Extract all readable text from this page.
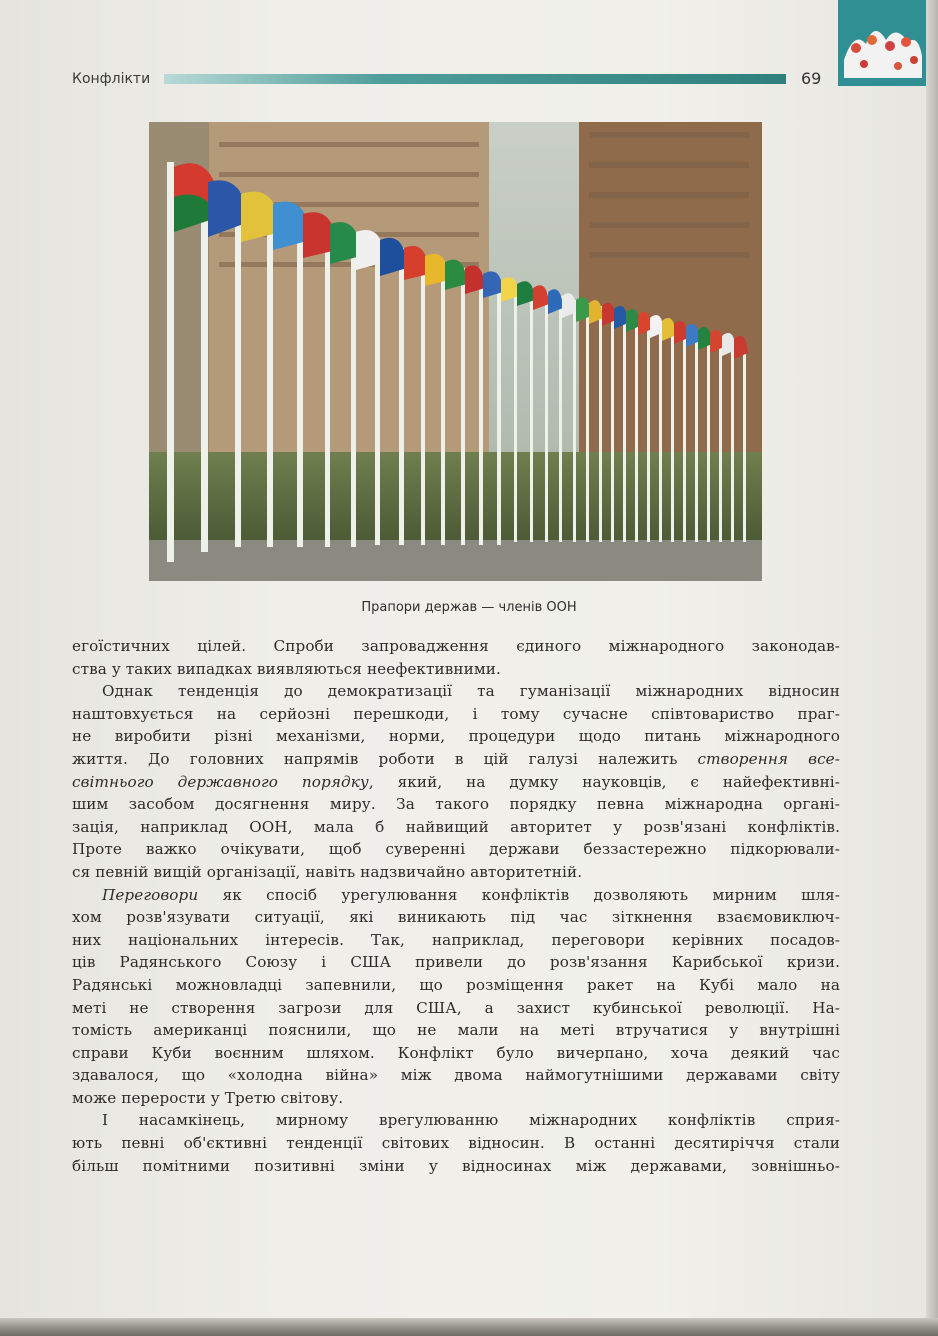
Конфлікти	69
Прапори держав — членів ООН
егоїстичних цілей. Спроби запровадження єдиного міжнародного законодав-
ства у таких випадках виявляються неефективними.
Однак тенденція до демократизації та гуманізації міжнародних відносин
наштовхується на серйозні перешкоди, і тому сучасне співтовариство праг-
не виробити різні механізми, норми, процедури щодо питань міжнародного
життя. До головних напрямів роботи в цій галузі належить створення все-
світнього державного порядку, який, на думку науковців, є найефективні-
шим засобом досягнення миру. За такого порядку певна міжнародна органі-
зація, наприклад ООН, мала б найвищий авторитет у розв'язані конфліктів.
Проте важко очікувати, щоб суверенні держави беззастережно підкорювали-
ся певній вищій організації, навіть надзвичайно авторитетній.
Переговори як спосіб урегулювання конфліктів дозволяють мирним шля-
хом розв'язувати ситуації, які виникають під час зіткнення взаємовиключ-
них національних інтересів. Так, наприклад, переговори керівних посадов-
ців Радянського Союзу і США привели до розв'язання Карибської кризи.
Радянські можновладці запевнили, що розміщення ракет на Кубі мало на
меті не створення загрози для США, а захист кубинської революції. На-
томість американці пояснили, що не мали на меті втручатися у внутрішні
справи Куби воєнним шляхом. Конфлікт було вичерпано, хоча деякий час
здавалося, що «холодна війна» між двома наймогутнішими державами світу
може перерости у Третю світову.
І насамкінець, мирному врегулюванню міжнародних конфліктів сприя-
ють певні об'єктивні тенденції світових відносин. В останні десятиріччя стали
більш помітними позитивні зміни у відносинах між державами, зовнішньо-
